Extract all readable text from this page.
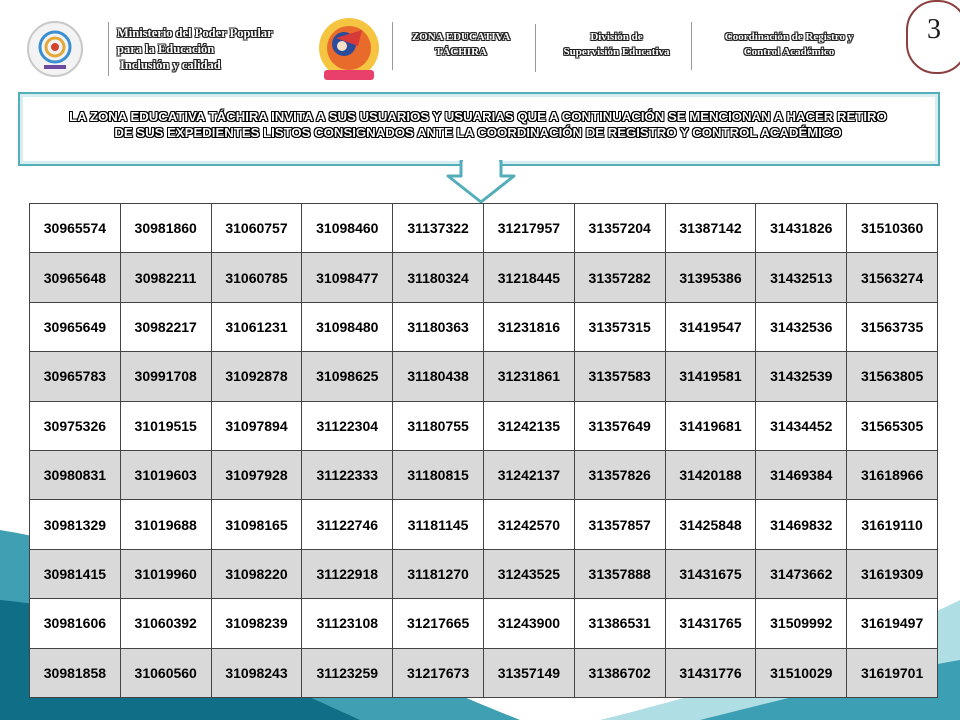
Ministerio del Poder Popular
para la Educación
Inclusión y calidad
ZONA EDUCATIVA
TÁCHIRA
División de
Supervisión Educativa
Coordinación de Registro y
Control Académico
3
LA ZONA EDUCATIVA TÁCHIRA INVITA A SUS USUARIOS Y USUARIAS QUE A CONTINUACIÓN SE MENCIONAN A HACER RETIRO
DE SUS EXPEDIENTES LISTOS CONSIGNADOS ANTE LA COORDINACIÓN DE REGISTRO Y CONTROL ACADÉMICO
30965574	30981860	31060757	31098460	31137322	31217957	31357204	31387142	31431826	31510360
30965648	30982211	31060785	31098477	31180324	31218445	31357282	31395386	31432513	31563274
30965649	30982217	31061231	31098480	31180363	31231816	31357315	31419547	31432536	31563735
30965783	30991708	31092878	31098625	31180438	31231861	31357583	31419581	31432539	31563805
30975326	31019515	31097894	31122304	31180755	31242135	31357649	31419681	31434452	31565305
30980831	31019603	31097928	31122333	31180815	31242137	31357826	31420188	31469384	31618966
30981329	31019688	31098165	31122746	31181145	31242570	31357857	31425848	31469832	31619110
30981415	31019960	31098220	31122918	31181270	31243525	31357888	31431675	31473662	31619309
30981606	31060392	31098239	31123108	31217665	31243900	31386531	31431765	31509992	31619497
30981858	31060560	31098243	31123259	31217673	31357149	31386702	31431776	31510029	31619701
